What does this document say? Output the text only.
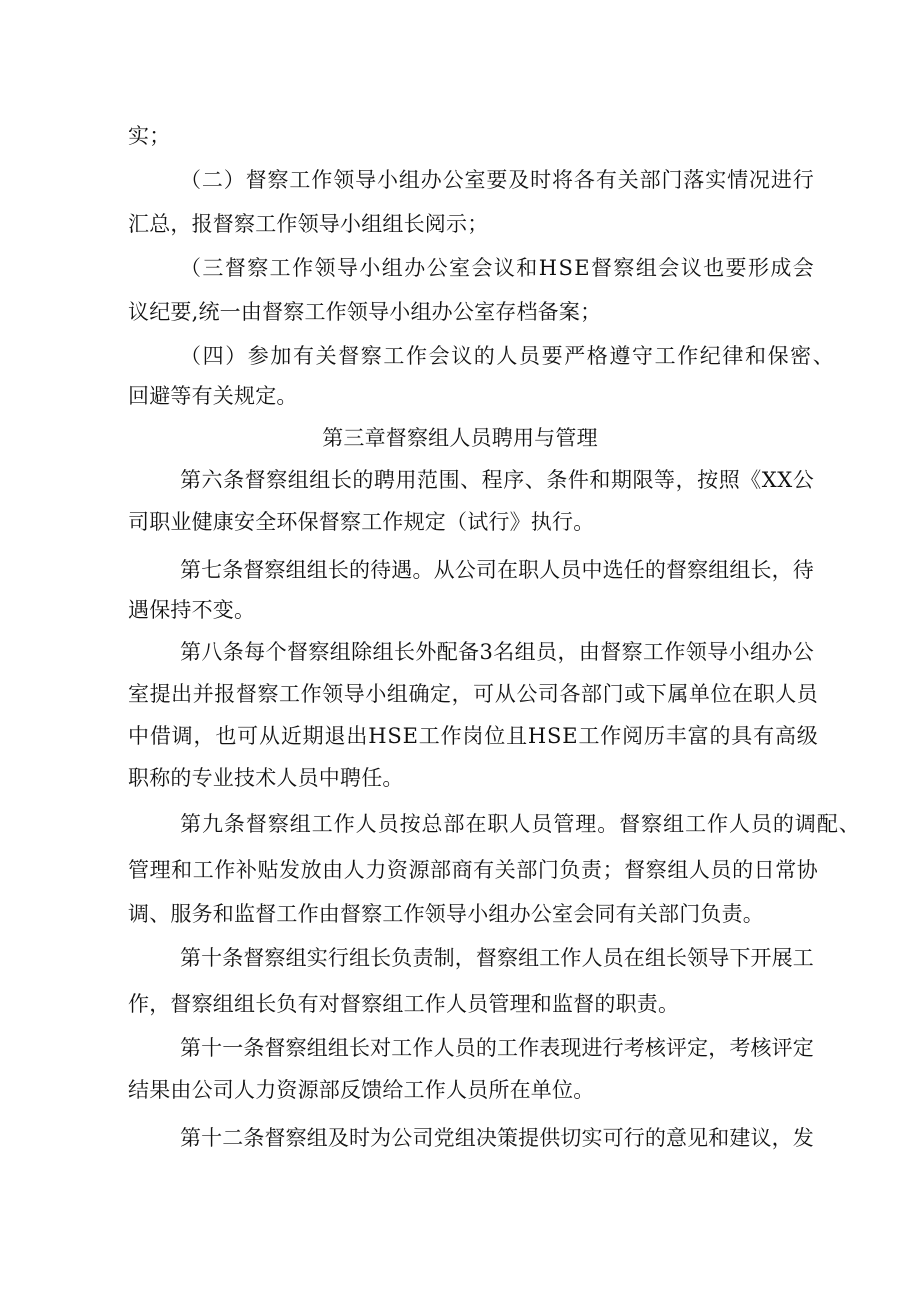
实；
（二）督察工作领导小组办公室要及时将各有关部门落实情况进行
汇总，报督察工作领导小组组长阅示；
（三督察工作领导小组办公室会议和HSE督察组会议也要形成会
议纪要,统一由督察工作领导小组办公室存档备案；
（四）参加有关督察工作会议的人员要严格遵守工作纪律和保密、
回避等有关规定。
第三章督察组人员聘用与管理
第六条督察组组长的聘用范围、程序、条件和期限等，按照《XX公
司职业健康安全环保督察工作规定（试行》执行。
第七条督察组组长的待遇。从公司在职人员中选任的督察组组长，待
遇保持不变。
第八条每个督察组除组长外配备3名组员，由督察工作领导小组办公
室提出并报督察工作领导小组确定，可从公司各部门或下属单位在职人员
中借调，也可从近期退出HSE工作岗位且HSE工作阅历丰富的具有高级
职称的专业技术人员中聘任。
第九条督察组工作人员按总部在职人员管理。督察组工作人员的调配、
管理和工作补贴发放由人力资源部商有关部门负责；督察组人员的日常协
调、服务和监督工作由督察工作领导小组办公室会同有关部门负责。
第十条督察组实行组长负责制，督察组工作人员在组长领导下开展工
作，督察组组长负有对督察组工作人员管理和监督的职责。
第十一条督察组组长对工作人员的工作表现进行考核评定，考核评定
结果由公司人力资源部反馈给工作人员所在单位。
第十二条督察组及时为公司党组决策提供切实可行的意见和建议，发
